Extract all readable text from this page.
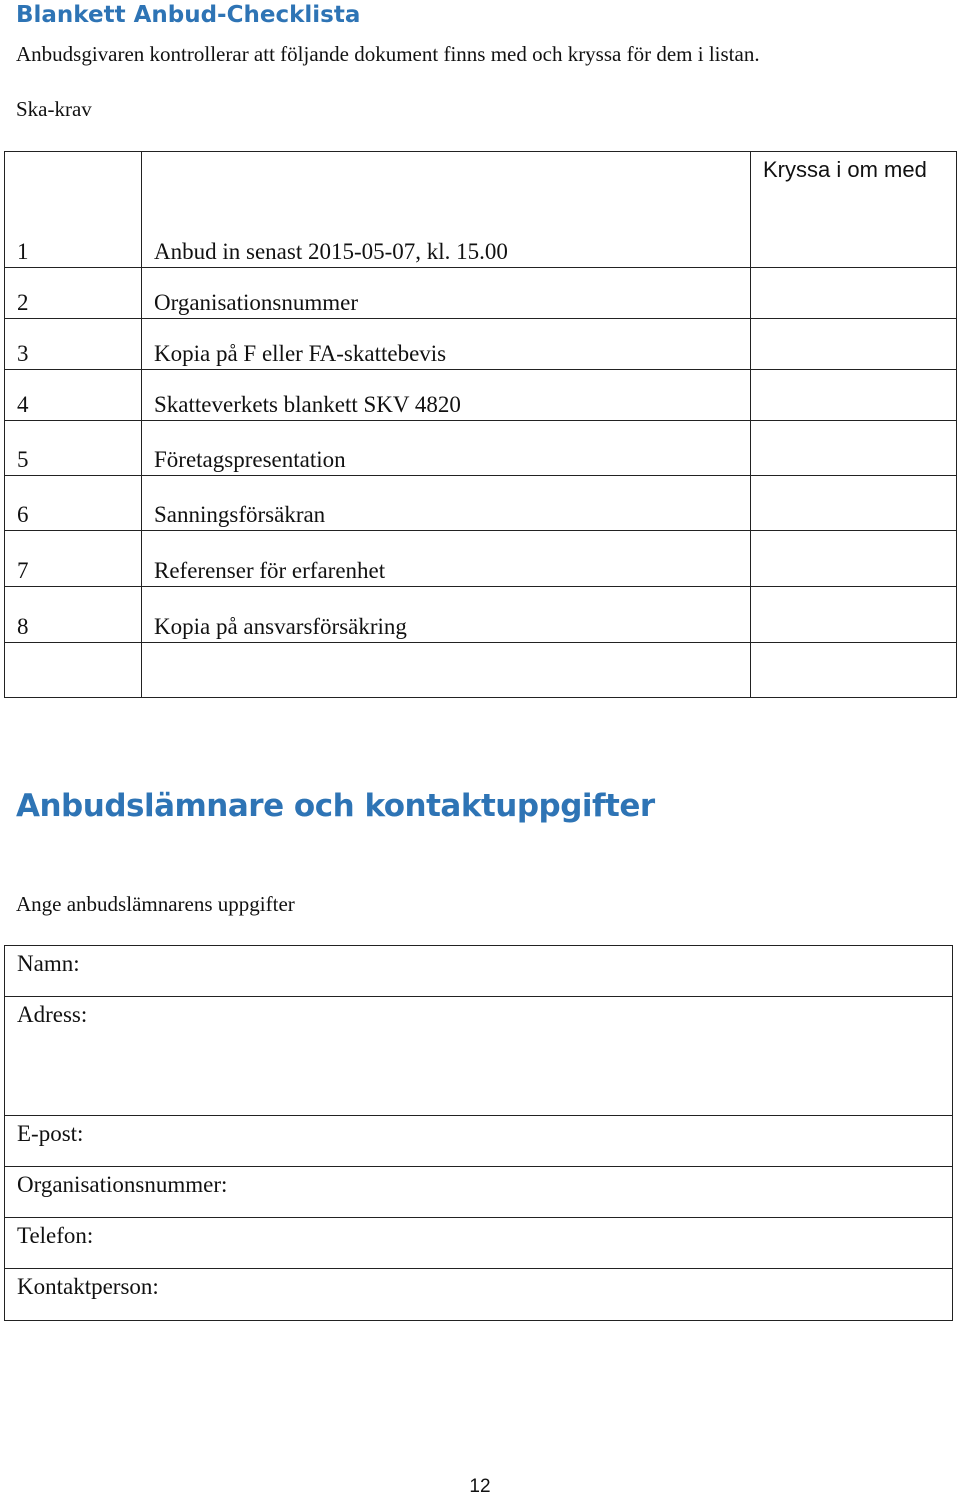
Blankett Anbud-Checklista
Anbudsgivaren kontrollerar att följande dokument finns med och kryssa för dem i listan.
Ska-krav
1	Anbud in senast 2015-05-07, kl. 15.00	Kryssa i om med

2	Organisationsnummer	
3	Kopia på F eller FA-skattebevis	
4	Skatteverkets blankett SKV 4820	
5	Företagspresentation	
6	Sanningsförsäkran	
7	Referenser för erfarenhet	
8	Kopia på ansvarsförsäkring	

Anbudslämnare och kontaktuppgifter
Ange anbudslämnarens uppgifter
Namn:
Adress:
E-post:
Organisationsnummer:
Telefon:
Kontaktperson:
12
